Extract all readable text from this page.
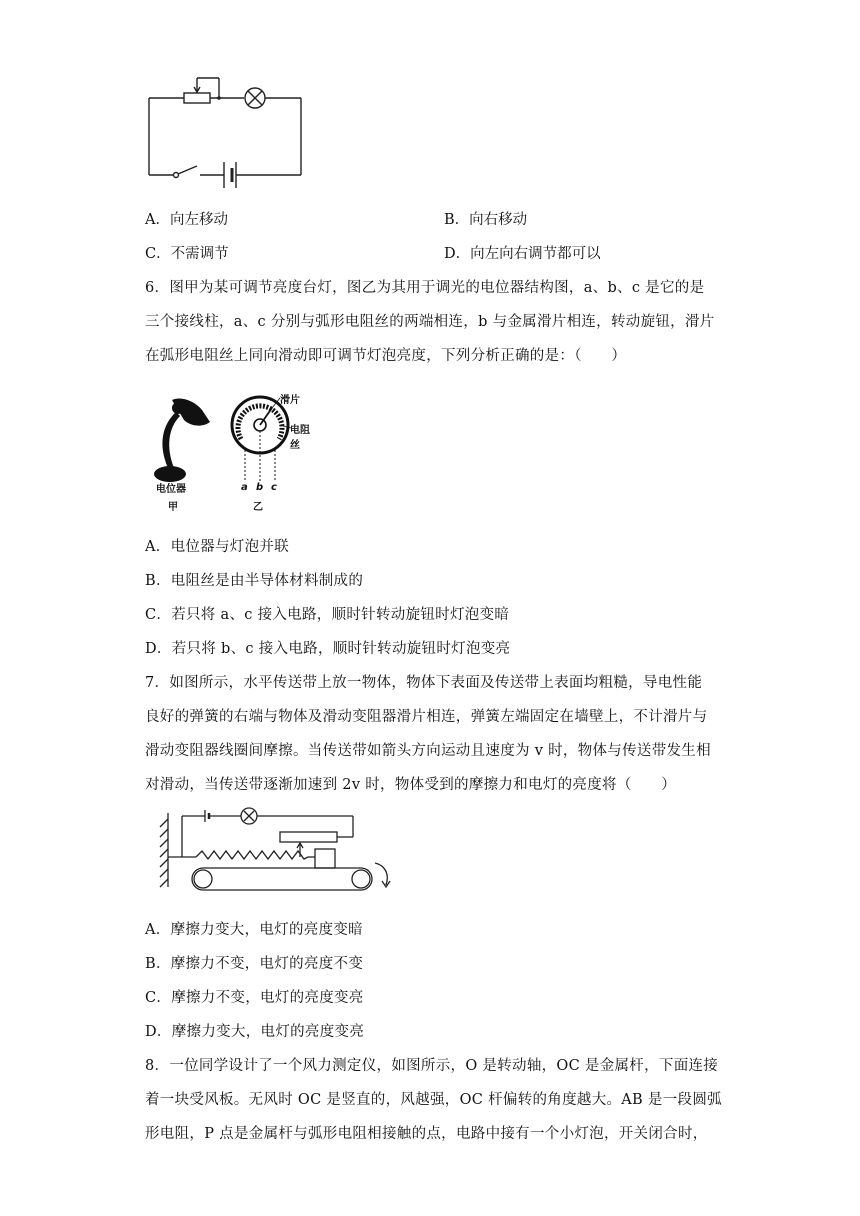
A．向左移动	B．向右移动
C．不需调节	D．向左向右调节都可以
6．图甲为某可调节亮度台灯，图乙为其用于调光的电位器结构图，a、b、c 是它的是
三个接线柱，a、c 分别与弧形电阻丝的两端相连，b 与金属滑片相连，转动旋钮，滑片
在弧形电阻丝上同向滑动即可调节灯泡亮度，下列分析正确的是：（　　）
电位器
甲
滑片
电阻丝
a b c
乙
A．电位器与灯泡并联
B．电阻丝是由半导体材料制成的
C．若只将 a、c 接入电路，顺时针转动旋钮时灯泡变暗
D．若只将 b、c 接入电路，顺时针转动旋钮时灯泡变亮
7．如图所示，水平传送带上放一物体，物体下表面及传送带上表面均粗糙，导电性能
良好的弹簧的右端与物体及滑动变阻器滑片相连，弹簧左端固定在墙壁上，不计滑片与
滑动变阻器线圈间摩擦。当传送带如箭头方向运动且速度为 v 时，物体与传送带发生相
对滑动，当传送带逐渐加速到 2v 时，物体受到的摩擦力和电灯的亮度将（　　）
A．摩擦力变大，电灯的亮度变暗
B．摩擦力不变，电灯的亮度不变
C．摩擦力不变，电灯的亮度变亮
D．摩擦力变大，电灯的亮度变亮
8．一位同学设计了一个风力测定仪，如图所示，O 是转动轴，OC 是金属杆，下面连接
着一块受风板。无风时 OC 是竖直的，风越强，OC 杆偏转的角度越大。AB 是一段圆弧
形电阻，P 点是金属杆与弧形电阻相接触的点，电路中接有一个小灯泡，开关闭合时，
